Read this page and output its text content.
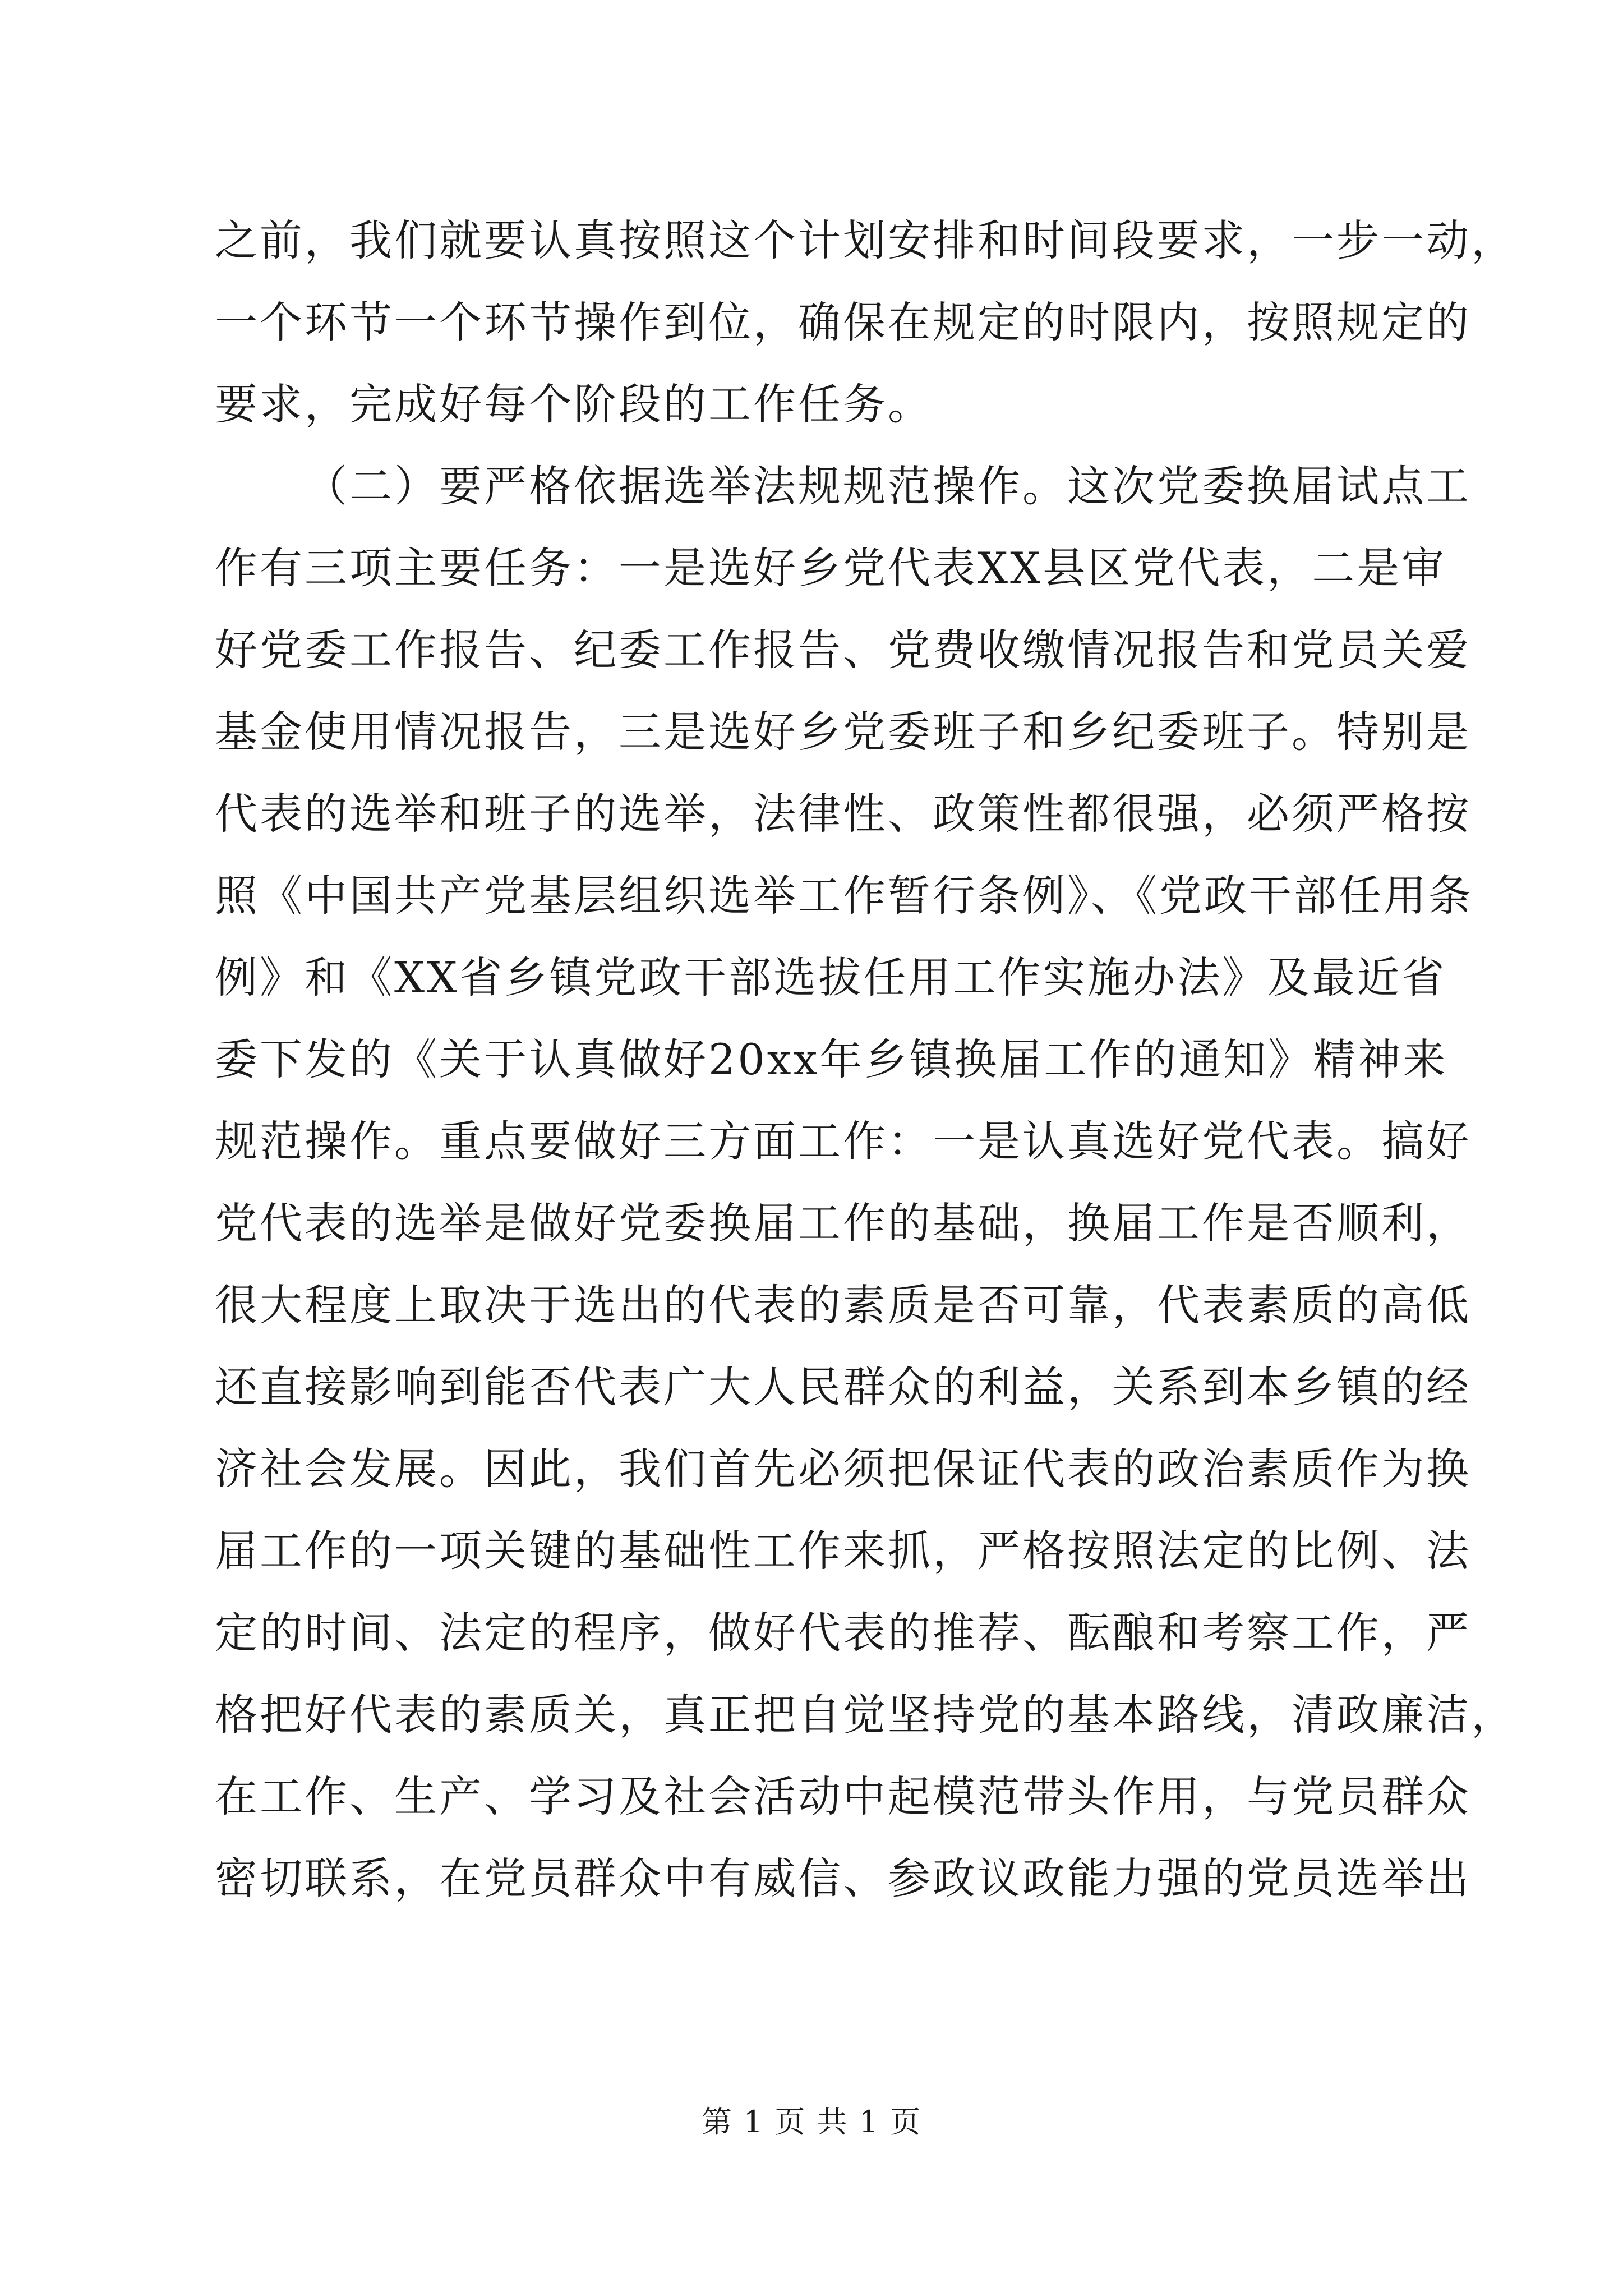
之前，我们就要认真按照这个计划安排和时间段要求，一步一动，
一个环节一个环节操作到位，确保在规定的时限内，按照规定的
要求，完成好每个阶段的工作任务。
（二）要严格依据选举法规规范操作。这次党委换届试点工
作有三项主要任务：一是选好乡党代表XX县区党代表，二是审
好党委工作报告、纪委工作报告、党费收缴情况报告和党员关爱
基金使用情况报告，三是选好乡党委班子和乡纪委班子。特别是
代表的选举和班子的选举，法律性、政策性都很强，必须严格按
照《中国共产党基层组织选举工作暂行条例》、《党政干部任用条
例》和《XX省乡镇党政干部选拔任用工作实施办法》及最近省
委下发的《关于认真做好20xx年乡镇换届工作的通知》精神来
规范操作。重点要做好三方面工作：一是认真选好党代表。搞好
党代表的选举是做好党委换届工作的基础，换届工作是否顺利，
很大程度上取决于选出的代表的素质是否可靠，代表素质的高低
还直接影响到能否代表广大人民群众的利益，关系到本乡镇的经
济社会发展。因此，我们首先必须把保证代表的政治素质作为换
届工作的一项关键的基础性工作来抓，严格按照法定的比例、法
定的时间、法定的程序，做好代表的推荐、酝酿和考察工作，严
格把好代表的素质关，真正把自觉坚持党的基本路线，清政廉洁，
在工作、生产、学习及社会活动中起模范带头作用，与党员群众
密切联系，在党员群众中有威信、参政议政能力强的党员选举出
第 1 页 共 1 页
